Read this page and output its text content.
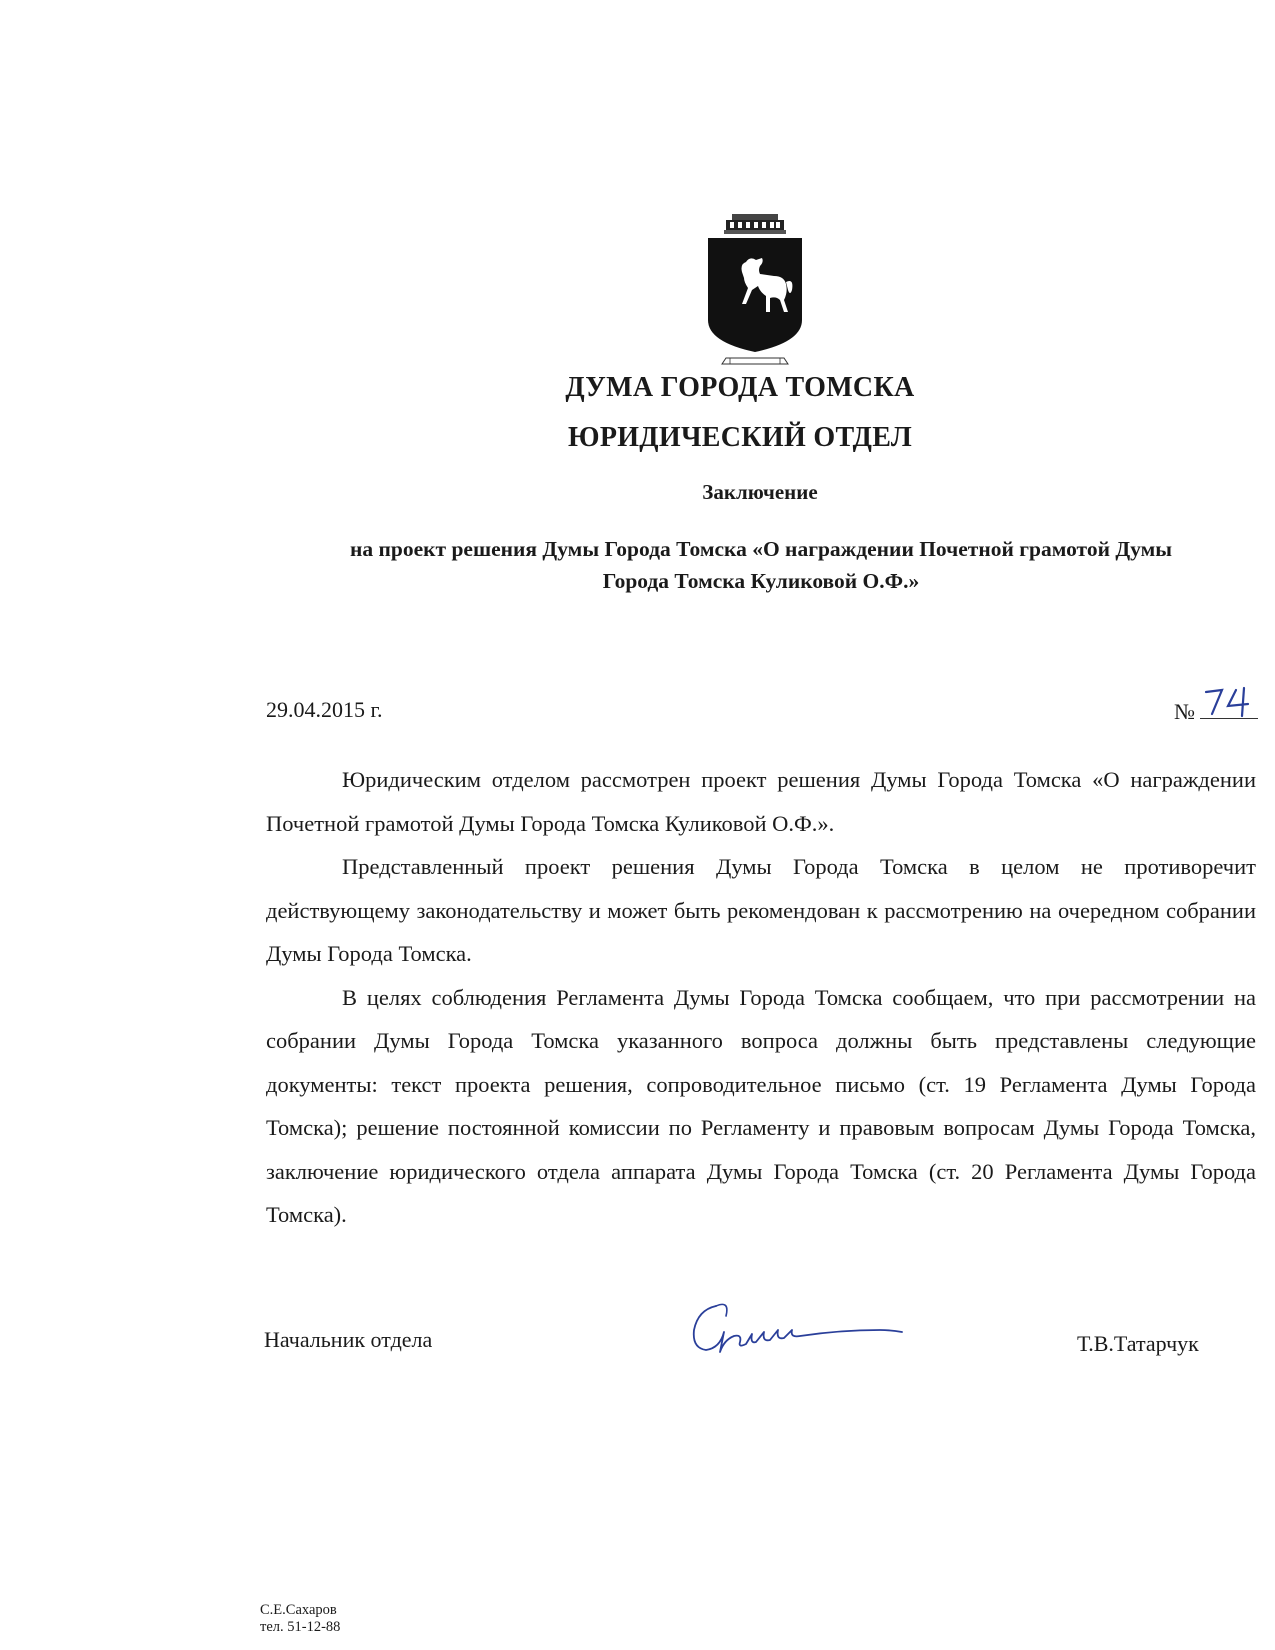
ДУМА ГОРОДА ТОМСКА
ЮРИДИЧЕСКИЙ ОТДЕЛ
Заключение
на проект решения Думы Города Томска «О награждении Почетной грамотой Думы
Города Томска Куликовой О.Ф.»
29.04.2015 г.	№

Юридическим отделом рассмотрен проект решения Думы Города Томска «О награждении Почетной грамотой Думы Города Томска Куликовой О.Ф.».

Представленный проект решения Думы Города Томска в целом не противоречит действующему законодательству и может быть рекомендован к рассмотрению на очередном собрании Думы Города Томска.

В целях соблюдения Регламента Думы Города Томска сообщаем, что при рассмотрении на собрании Думы Города Томска указанного вопроса должны быть представлены следующие документы: текст проекта решения, сопроводительное письмо (ст. 19 Регламента Думы Города Томска); решение постоянной комиссии по Регламенту и правовым вопросам Думы Города Томска, заключение юридического отдела аппарата Думы Города Томска (ст. 20 Регламента Думы Города Томска).

Начальник отдела	Т.В.Татарчук
С.Е.Сахаров
тел. 51-12-88
